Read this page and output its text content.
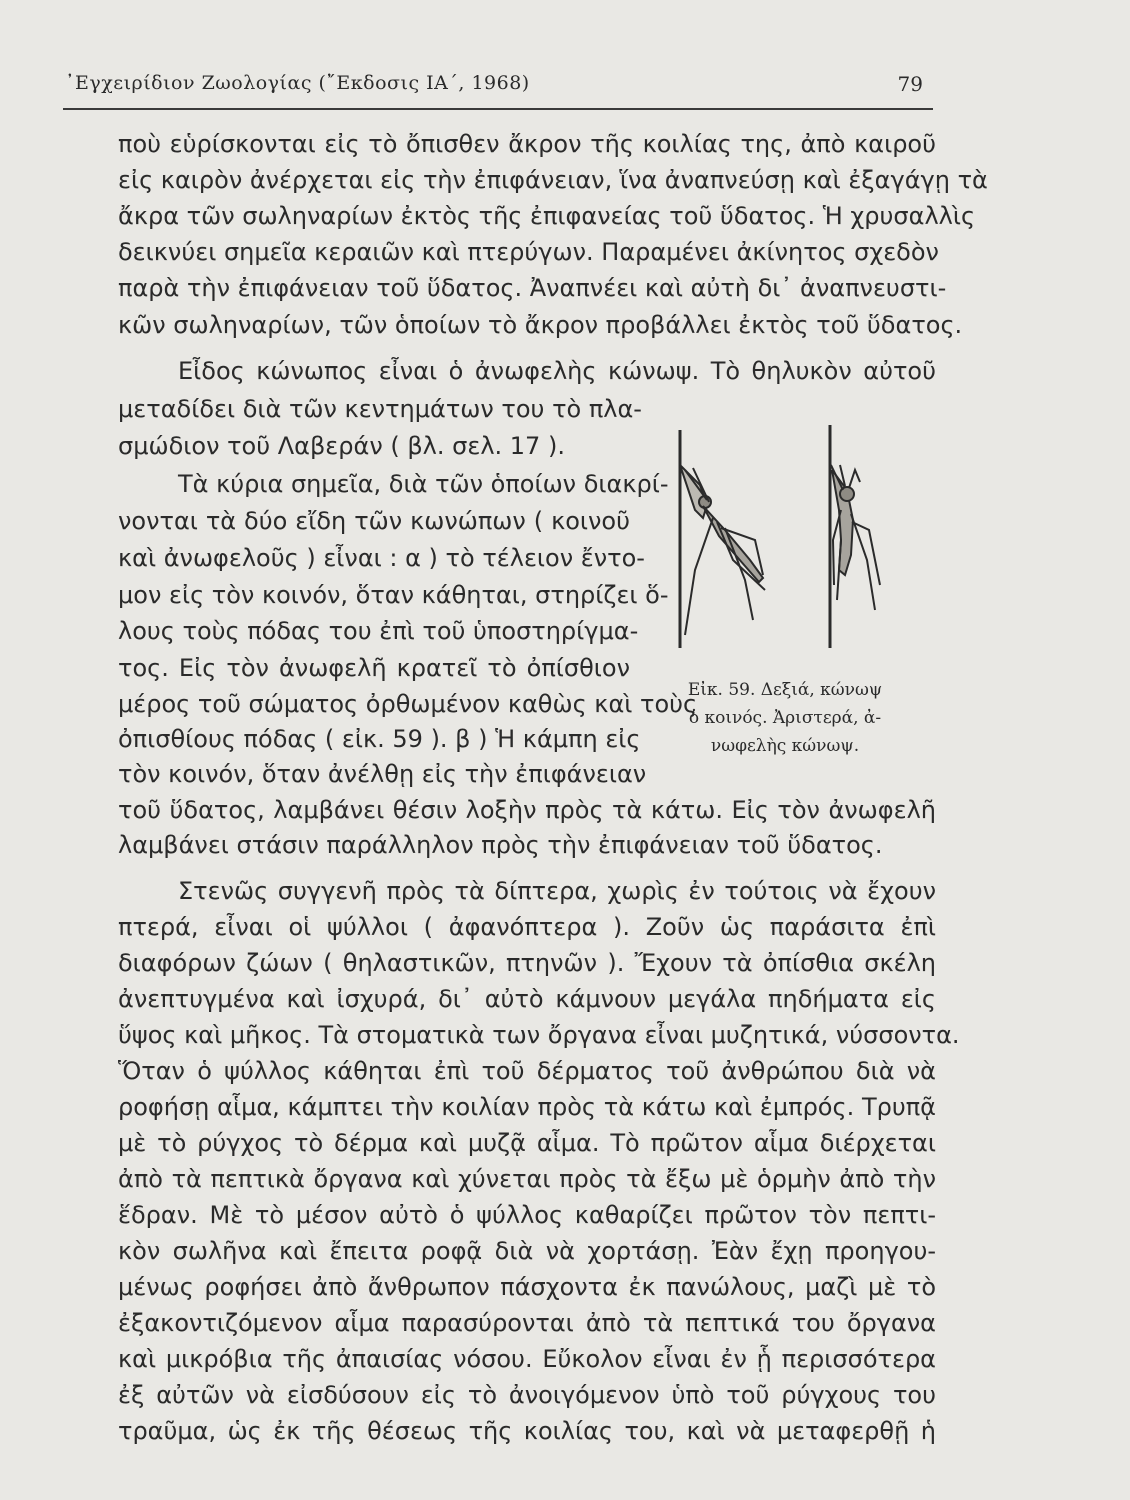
᾿Εγχειρίδιον Ζωολογίας (῎Εκδοσις ΙΑ΄, 1968)	79
ποὺ εὑρίσκονται εἰς τὸ ὄπισθεν ἄκρον τῆς κοιλίας της, ἀπὸ καιροῦ
εἰς καιρὸν ἀνέρχεται εἰς τὴν ἐπιφάνειαν, ἵνα ἀναπνεύσῃ καὶ ἐξαγάγῃ τὰ
ἄκρα τῶν σωληναρίων ἐκτὸς τῆς ἐπιφανείας τοῦ ὕδατος. Ἡ χρυσαλλὶς
δεικνύει σημεῖα κεραιῶν καὶ πτερύγων. Παραμένει ἀκίνητος σχεδὸν
παρὰ τὴν ἐπιφάνειαν τοῦ ὕδατος. Ἀναπνέει καὶ αὐτὴ δι᾿ ἀναπνευστι-
κῶν σωληναρίων, τῶν ὁποίων τὸ ἄκρον προβάλλει ἐκτὸς τοῦ ὕδατος.
Εἶδος κώνωπος εἶναι ὁ ἀνωφελὴς κώνωψ. Τὸ θηλυκὸν αὐτοῦ
μεταδίδει διὰ τῶν κεντημάτων του τὸ πλα-
σμώδιον τοῦ Λαβεράν ( βλ. σελ. 17 ).
Τὰ κύρια σημεῖα, διὰ τῶν ὁποίων διακρί-
νονται τὰ δύο εἴδη τῶν κωνώπων ( κοινοῦ
καὶ ἀνωφελοῦς ) εἶναι : α ) τὸ τέλειον ἔντο-
μον εἰς τὸν κοινόν, ὅταν κάθηται, στηρίζει ὅ-
λους τοὺς πόδας του ἐπὶ τοῦ ὑποστηρίγμα-
τος. Εἰς τὸν ἀνωφελῆ κρατεῖ τὸ ὀπίσθιον
μέρος τοῦ σώματος ὀρθωμένον καθὼς καὶ τοὺς
ὀπισθίους πόδας ( εἰκ. 59 ). β ) Ἡ κάμπη εἰς
τὸν κοινόν, ὅταν ἀνέλθῃ εἰς τὴν ἐπιφάνειαν
τοῦ ὕδατος, λαμβάνει θέσιν λοξὴν πρὸς τὰ κάτω. Εἰς τὸν ἀνωφελῆ
λαμβάνει στάσιν παράλληλον πρὸς τὴν ἐπιφάνειαν τοῦ ὕδατος.
Στενῶς συγγενῆ πρὸς τὰ δίπτερα, χωρὶς ἐν τούτοις νὰ ἔχουν
πτερά, εἶναι οἱ ψύλλοι ( ἀφανόπτερα ). Ζοῦν ὡς παράσιτα ἐπὶ
διαφόρων ζώων ( θηλαστικῶν, πτηνῶν ). Ἔχουν τὰ ὀπίσθια σκέλη
ἀνεπτυγμένα καὶ ἰσχυρά, δι᾿ αὐτὸ κάμνουν μεγάλα πηδήματα εἰς
ὕψος καὶ μῆκος. Τὰ στοματικὰ των ὄργανα εἶναι μυζητικά, νύσσοντα.
Ὅταν ὁ ψύλλος κάθηται ἐπὶ τοῦ δέρματος τοῦ ἀνθρώπου διὰ νὰ
ροφήσῃ αἷμα, κάμπτει τὴν κοιλίαν πρὸς τὰ κάτω καὶ ἐμπρός. Τρυπᾷ
μὲ τὸ ρύγχος τὸ δέρμα καὶ μυζᾷ αἷμα. Τὸ πρῶτον αἷμα διέρχεται
ἀπὸ τὰ πεπτικὰ ὄργανα καὶ χύνεται πρὸς τὰ ἔξω μὲ ὁρμὴν ἀπὸ τὴν
ἕδραν. Μὲ τὸ μέσον αὐτὸ ὁ ψύλλος καθαρίζει πρῶτον τὸν πεπτι-
κὸν σωλῆνα καὶ ἔπειτα ροφᾷ διὰ νὰ χορτάσῃ. Ἐὰν ἔχῃ προηγου-
μένως ροφήσει ἀπὸ ἄνθρωπον πάσχοντα ἐκ πανώλους, μαζὶ μὲ τὸ
ἐξακοντιζόμενον αἷμα παρασύρονται ἀπὸ τὰ πεπτικά του ὄργανα
καὶ μικρόβια τῆς ἀπαισίας νόσου. Εὔκολον εἶναι ἐν ᾗ περισσότερα
ἐξ αὐτῶν νὰ εἰσδύσουν εἰς τὸ ἀνοιγόμενον ὑπὸ τοῦ ρύγχους του
τραῦμα, ὡς ἐκ τῆς θέσεως τῆς κοιλίας του, καὶ νὰ μεταφερθῇ ἡ
Εἰκ. 59. Δεξιά, κώνωψ
ὁ κοινός. Ἀριστερά, ἀ-
νωφελὴς κώνωψ.
